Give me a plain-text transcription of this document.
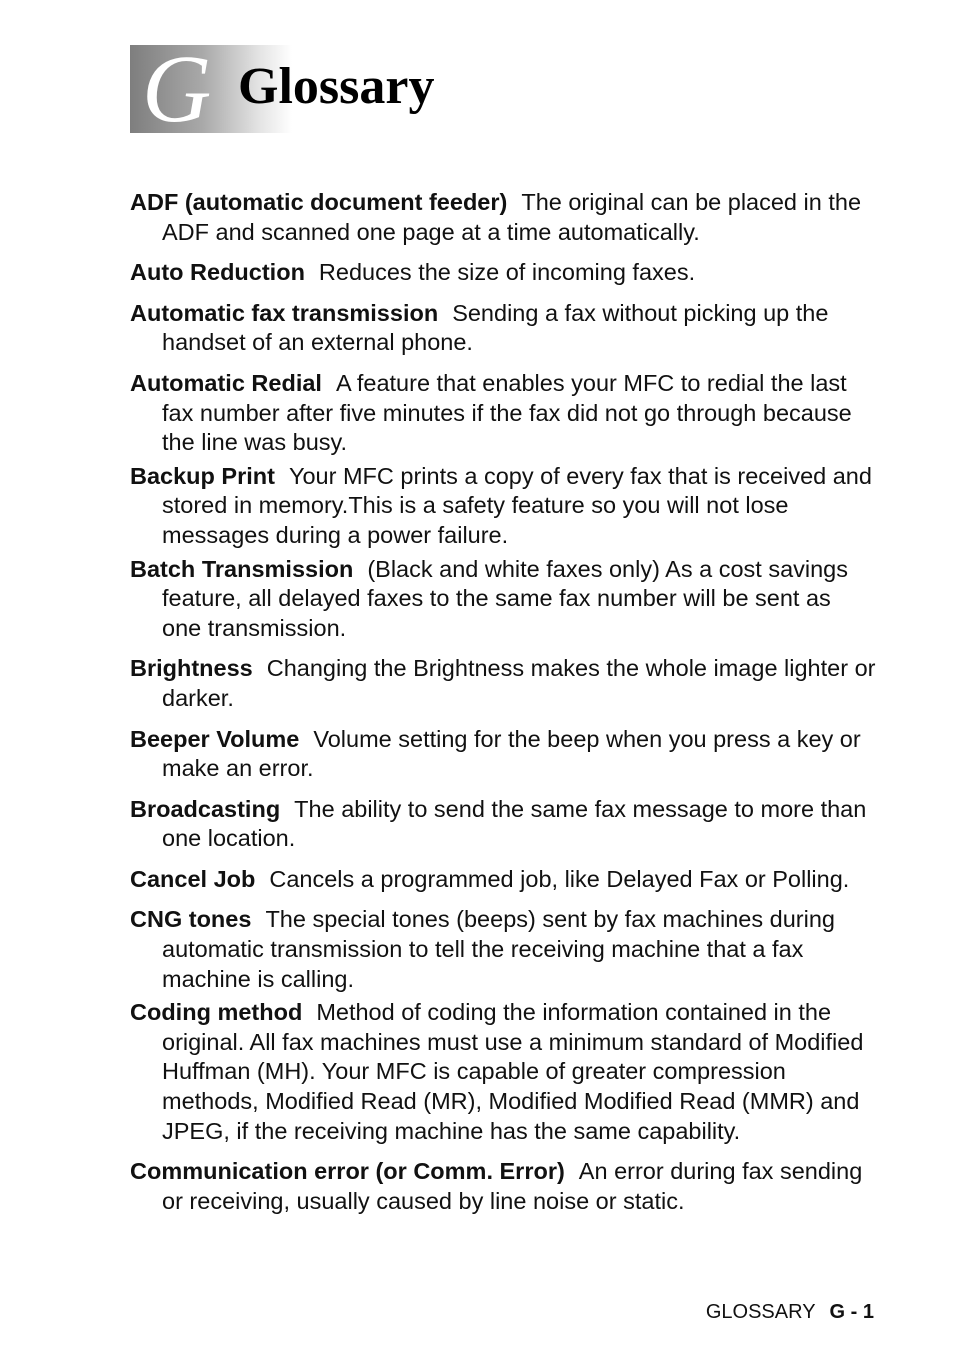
G Glossary

ADF (automatic document feeder) The original can be placed in the ADF and scanned one page at a time automatically.

Auto Reduction Reduces the size of incoming faxes.

Automatic fax transmission Sending a fax without picking up the handset of an external phone.

Automatic Redial A feature that enables your MFC to redial the last fax number after five minutes if the fax did not go through because the line was busy.

Backup Print Your MFC prints a copy of every fax that is received and stored in memory.This is a safety feature so you will not lose messages during a power failure.

Batch Transmission (Black and white faxes only) As a cost savings feature, all delayed faxes to the same fax number will be sent as one transmission.

Brightness Changing the Brightness makes the whole image lighter or darker.

Beeper Volume Volume setting for the beep when you press a key or make an error.

Broadcasting The ability to send the same fax message to more than one location.

Cancel Job Cancels a programmed job, like Delayed Fax or Polling.

CNG tones The special tones (beeps) sent by fax machines during automatic transmission to tell the receiving machine that a fax machine is calling.

Coding method Method of coding the information contained in the original. All fax machines must use a minimum standard of Modified Huffman (MH). Your MFC is capable of greater compression methods, Modified Read (MR), Modified Modified Read (MMR) and JPEG, if the receiving machine has the same capability.

Communication error (or Comm. Error) An error during fax sending or receiving, usually caused by line noise or static.

GLOSSARY G - 1
